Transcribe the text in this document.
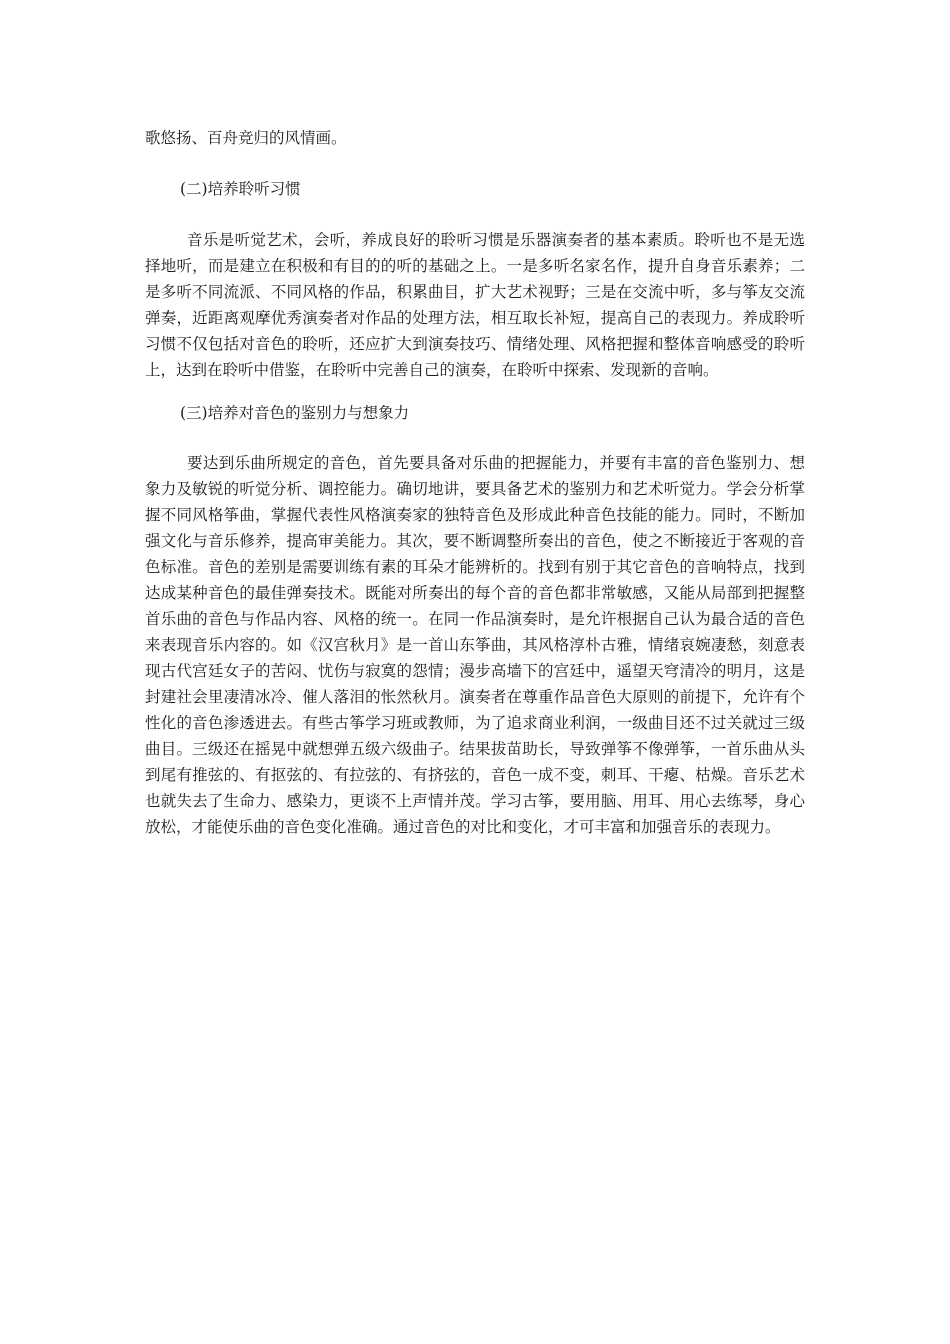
歌悠扬、百舟竞归的风情画。

(二)培养聆听习惯

音乐是听觉艺术，会听，养成良好的聆听习惯是乐器演奏者的基本素质。聆听也不是无选择地听，而是建立在积极和有目的的听的基础之上。一是多听名家名作，提升自身音乐素养；二是多听不同流派、不同风格的作品，积累曲目，扩大艺术视野；三是在交流中听，多与筝友交流弹奏，近距离观摩优秀演奏者对作品的处理方法，相互取长补短，提高自己的表现力。养成聆听习惯不仅包括对音色的聆听，还应扩大到演奏技巧、情绪处理、风格把握和整体音响感受的聆听上，达到在聆听中借鉴，在聆听中完善自己的演奏，在聆听中探索、发现新的音响。

(三)培养对音色的鉴别力与想象力

要达到乐曲所规定的音色，首先要具备对乐曲的把握能力，并要有丰富的音色鉴别力、想象力及敏锐的听觉分析、调控能力。确切地讲，要具备艺术的鉴别力和艺术听觉力。学会分析掌握不同风格筝曲，掌握代表性风格演奏家的独特音色及形成此种音色技能的能力。同时，不断加强文化与音乐修养，提高审美能力。其次，要不断调整所奏出的音色，使之不断接近于客观的音色标准。音色的差别是需要训练有素的耳朵才能辨析的。找到有别于其它音色的音响特点，找到达成某种音色的最佳弹奏技术。既能对所奏出的每个音的音色都非常敏感，又能从局部到把握整首乐曲的音色与作品内容、风格的统一。在同一作品演奏时，是允许根据自己认为最合适的音色来表现音乐内容的。如《汉宫秋月》是一首山东筝曲，其风格淳朴古雅，情绪哀婉凄愁，刻意表现古代宫廷女子的苦闷、忧伤与寂寞的怨情；漫步高墙下的宫廷中，遥望天穹清冷的明月，这是封建社会里凄清冰冷、催人落泪的怅然秋月。演奏者在尊重作品音色大原则的前提下，允许有个性化的音色渗透进去。有些古筝学习班或教师，为了追求商业利润，一级曲目还不过关就过三级曲目。三级还在摇晃中就想弹五级六级曲子。结果拔苗助长，导致弹筝不像弹筝，一首乐曲从头到尾有推弦的、有抠弦的、有拉弦的、有挤弦的，音色一成不变，刺耳、干瘪、枯燥。音乐艺术也就失去了生命力、感染力，更谈不上声情并茂。学习古筝，要用脑、用耳、用心去练琴，身心放松，才能使乐曲的音色变化准确。通过音色的对比和变化，才可丰富和加强音乐的表现力。
